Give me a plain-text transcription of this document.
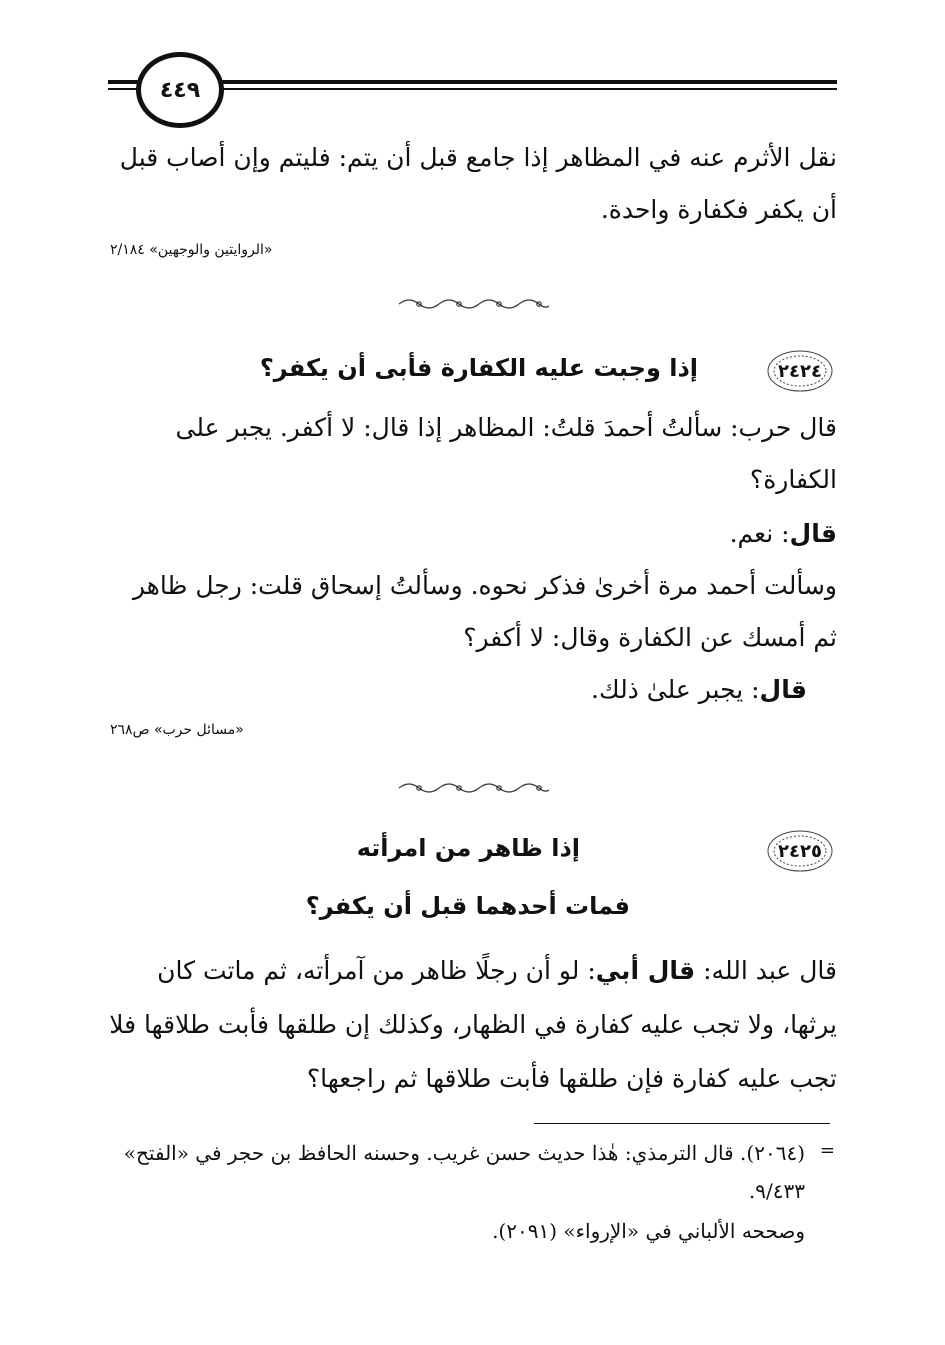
٤٤٩
نقل الأثرم عنه في المظاهر إذا جامع قبل أن يتم: فليتم وإن أصاب قبل أن يكفر فكفارة واحدة.
«الروايتين والوجهين» ٢/١٨٤
٢٤٢٤
إذا وجبت عليه الكفارة فأبى أن يكفر؟
قال حرب: سألتُ أحمدَ قلتُ: المظاهر إذا قال: لا أكفر. يجبر على الكفارة؟
قال: نعم.
وسألت أحمد مرة أخرىٰ فذكر نحوه. وسألتُ إسحاق قلت: رجل ظاهر ثم أمسك عن الكفارة وقال: لا أكفر؟
قال: يجبر علىٰ ذلك.
«مسائل حرب» ص٢٦٨
٢٤٢٥
إذا ظاهر من امرأته
فمات أحدهما قبل أن يكفر؟
قال عبد الله: قال أبي: لو أن رجلًا ظاهر من آمرأته، ثم ماتت كان يرثها، ولا تجب عليه كفارة في الظهار، وكذلك إن طلقها فأبت طلاقها فلا تجب عليه كفارة فإن طلقها فأبت طلاقها ثم راجعها؟
=
(٢٠٦٤). قال الترمذي: هٰذا حديث حسن غريب. وحسنه الحافظ بن حجر في «الفتح» ٩/٤٣٣.
وصححه الألباني في «الإرواء» (٢٠٩١).
